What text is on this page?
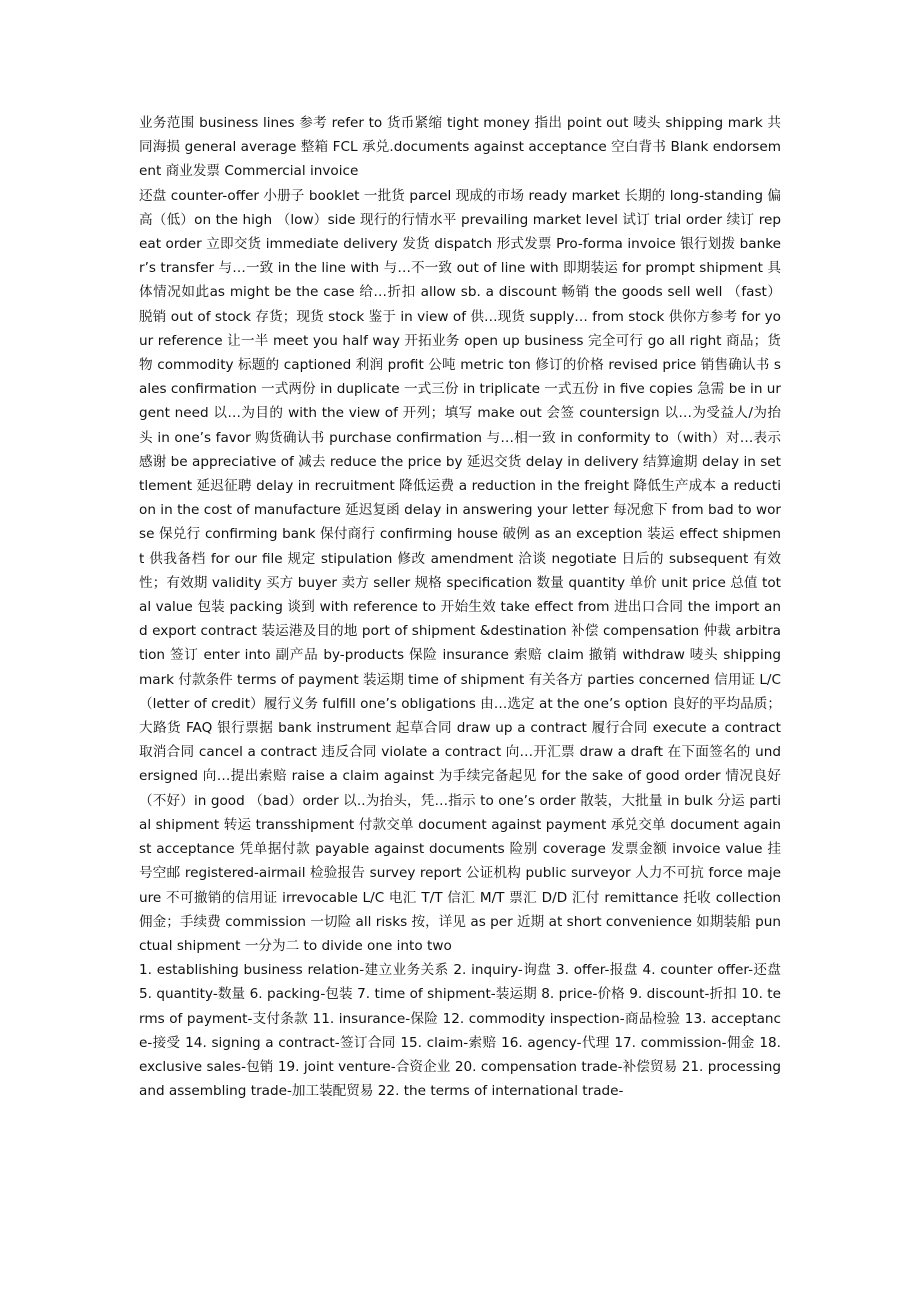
业务范围 business lines 参考 refer to 货币紧缩 tight money 指出 point out 唛头 shipping mark 共同海损 general average 整箱 FCL 承兑.documents against acceptance 空白背书 Blank endorsement 商业发票 Commercial invoice

还盘 counter-offer 小册子 booklet 一批货 parcel 现成的市场 ready market 长期的 long-standing 偏高（低）on the high （low）side 现行的行情水平 prevailing market level 试订 trial order 续订 repeat order 立即交货 immediate delivery 发货 dispatch 形式发票 Pro-forma invoice 银行划拨 banker’s transfer 与…一致 in the line with 与…不一致 out of line with 即期装运 for prompt shipment 具体情况如此as might be the case 给…折扣 allow sb. a discount 畅销 the goods sell well （fast） 脱销 out of stock 存货；现货 stock 鉴于 in view of 供…现货 supply… from stock 供你方参考 for your reference 让一半 meet you half way 开拓业务 open up business 完全可行 go all right 商品；货物 commodity 标题的 captioned 利润 profit 公吨 metric ton 修订的价格 revised price 销售确认书 sales confirmation 一式两份 in duplicate 一式三份 in triplicate 一式五份 in five copies 急需 be in urgent need 以…为目的 with the view of 开列；填写 make out 会签 countersign 以…为受益人/为抬头 in one’s favor 购货确认书 purchase confirmation 与…相一致 in conformity to（with）对…表示感谢 be appreciative of 减去 reduce the price by 延迟交货 delay in delivery 结算逾期 delay in settlement 延迟征聘 delay in recruitment 降低运费 a reduction in the freight 降低生产成本 a reduction in the cost of manufacture 延迟复函 delay in answering your letter 每况愈下 from bad to worse 保兑行 confirming bank 保付商行 confirming house 破例 as an exception 装运 effect shipment 供我备档 for our file 规定 stipulation 修改 amendment 洽谈 negotiate 日后的 subsequent 有效性；有效期 validity 买方 buyer 卖方 seller 规格 specification 数量 quantity 单价 unit price 总值 total value 包装 packing 谈到 with reference to 开始生效 take effect from 进出口合同 the import and export contract 装运港及目的地 port of shipment &destination 补偿 compensation 仲裁 arbitration 签订 enter into 副产品 by-products 保险 insurance 索赔 claim 撤销 withdraw 唛头 shipping mark 付款条件 terms of payment 装运期 time of shipment 有关各方 parties concerned 信用证 L/C（letter of credit）履行义务 fulfill one’s obligations 由…选定 at the one’s option 良好的平均品质；大路货 FAQ 银行票据 bank instrument 起草合同 draw up a contract 履行合同 execute a contract 取消合同 cancel a contract 违反合同 violate a contract 向…开汇票 draw a draft 在下面签名的 undersigned 向…提出索赔 raise a claim against 为手续完备起见 for the sake of good order 情况良好（不好）in good （bad）order 以..为抬头，凭…指示 to one’s order 散装，大批量 in bulk 分运 partial shipment 转运 transshipment 付款交单 document against payment 承兑交单 document against acceptance 凭单据付款 payable against documents 险别 coverage 发票金额 invoice value 挂号空邮 registered-airmail 检验报告 survey report 公证机构 public surveyor 人力不可抗 force majeure 不可撤销的信用证 irrevocable L/C 电汇 T/T 信汇 M/T 票汇 D/D 汇付 remittance 托收 collection 佣金；手续费 commission 一切险 all risks 按，详见 as per 近期 at short convenience 如期装船 punctual shipment 一分为二 to divide one into two

1. establishing business relation-建立业务关系 2. inquiry-询盘 3. offer-报盘 4. counter offer-还盘 5. quantity-数量 6. packing-包装 7. time of shipment-装运期 8. price-价格 9. discount-折扣 10. terms of payment-支付条款 11. insurance-保险 12. commodity inspection-商品检验 13. acceptance-接受 14. signing a contract-签订合同 15. claim-索赔 16. agency-代理 17. commission-佣金 18. exclusive sales-包销 19. joint venture-合资企业 20. compensation trade-补偿贸易 21. processing and assembling trade-加工装配贸易 22. the terms of international trade-
